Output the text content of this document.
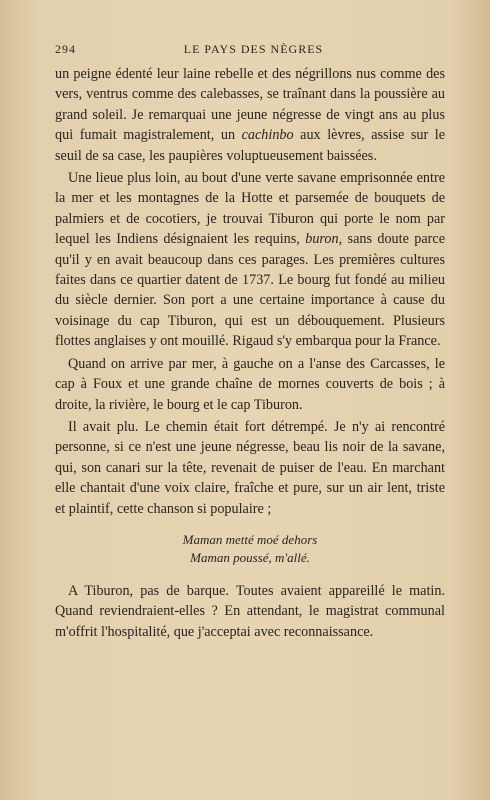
294	LE PAYS DES NÈGRES

un peigne édenté leur laine rebelle et des négrillons nus comme des vers, ventrus comme des calebasses, se traînant dans la poussière au grand soleil. Je remarquai une jeune négresse de vingt ans au plus qui fumait magistralement, un cachinbo aux lèvres, assise sur le seuil de sa case, les paupières voluptueusement baissées.

Une lieue plus loin, au bout d'une verte savane emprisonnée entre la mer et les montagnes de la Hotte et parsemée de bouquets de palmiers et de cocotiers, je trouvai Tiburon qui porte le nom par lequel les Indiens désignaient les requins, buron, sans doute parce qu'il y en avait beaucoup dans ces parages. Les premières cultures faites dans ce quartier datent de 1737. Le bourg fut fondé au milieu du siècle dernier. Son port a une certaine importance à cause du voisinage du cap Tiburon, qui est un débouquement. Plusieurs flottes anglaises y ont mouillé. Rigaud s'y embarqua pour la France.

Quand on arrive par mer, à gauche on a l'anse des Carcasses, le cap à Foux et une grande chaîne de mornes couverts de bois ; à droite, la rivière, le bourg et le cap Tiburon.

Il avait plu. Le chemin était fort détrempé. Je n'y ai rencontré personne, si ce n'est une jeune négresse, beau lis noir de la savane, qui, son canari sur la tête, revenait de puiser de l'eau. En marchant elle chantait d'une voix claire, fraîche et pure, sur un air lent, triste et plaintif, cette chanson si populaire ;

Maman metté moé dehors
Maman poussé, m'allé.

A Tiburon, pas de barque. Toutes avaient appareillé le matin. Quand reviendraient-elles ? En attendant, le magistrat communal m'offrit l'hospitalité, que j'acceptai avec reconnaissance.
